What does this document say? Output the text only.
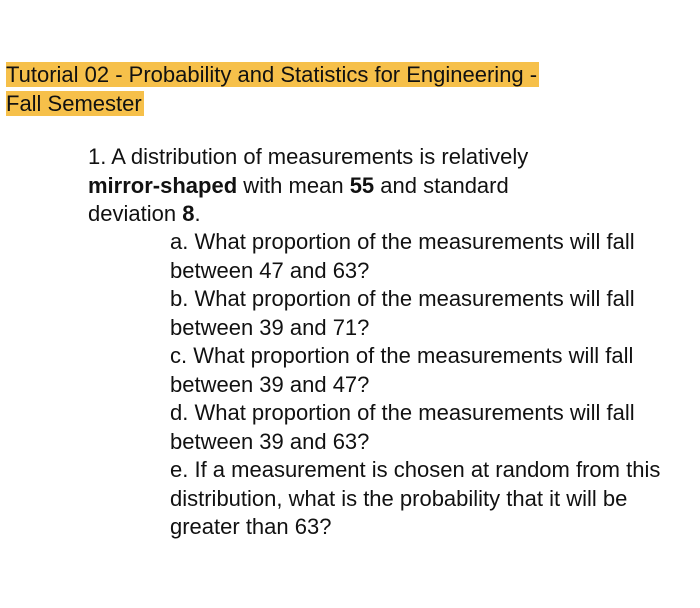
Tutorial 02 - Probability and Statistics for Engineering -
Fall Semester

1. A distribution of measurements is relatively
mirror-shaped with mean 55 and standard
deviation 8.

a. What proportion of the measurements will fall between 47 and 63?
b. What proportion of the measurements will fall between 39 and 71?
c. What proportion of the measurements will fall between 39 and 47?
d. What proportion of the measurements will fall between 39 and 63?
e. If a measurement is chosen at random from this distribution, what is the probability that it will be greater than 63?
